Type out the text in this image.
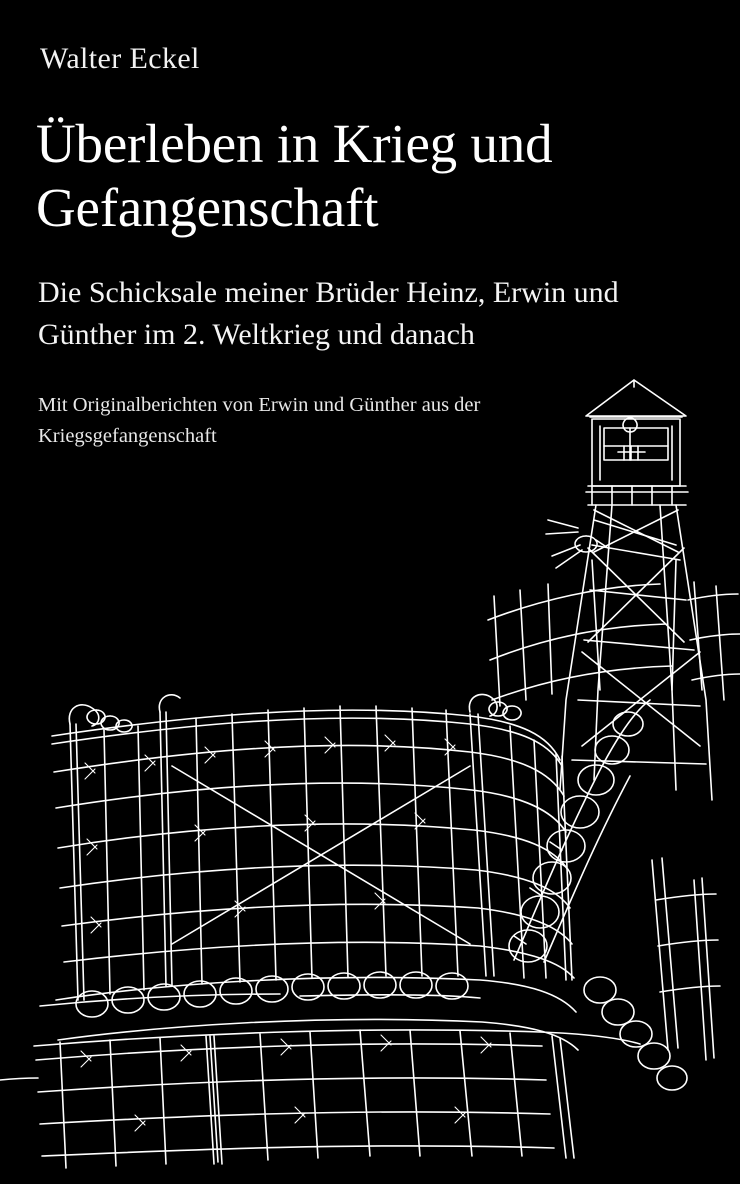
Walter Eckel
Überleben in Krieg und Gefangenschaft
Die Schicksale meiner Brüder Heinz, Erwin und Günther im 2. Weltkrieg und danach
Mit Originalberichten von Erwin und Günther aus der Kriegsgefangenschaft
